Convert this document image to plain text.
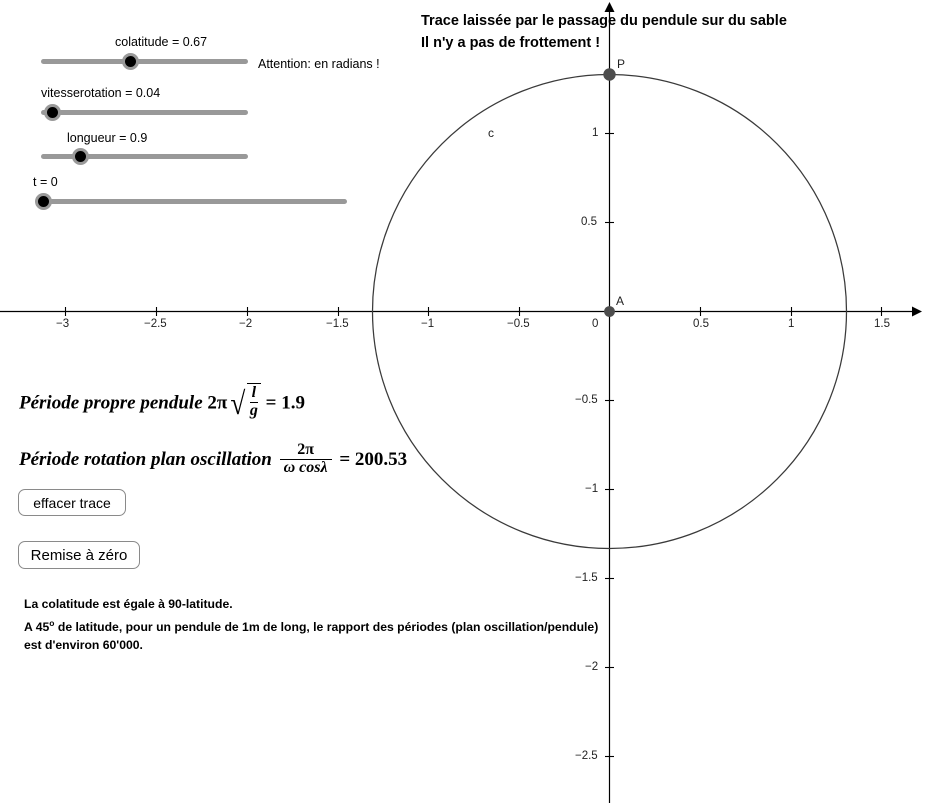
−3	−2.5	−2	−1.5	−1	−0.5	0	0.5	1	1.5
1
0.5
−0.5
−1
−1.5
−2
−2.5
P
A
c
Trace laissée par le passage du pendule sur du sable
Il n'y a pas de frottement !
colatitude = 0.67
vitesserotation = 0.04
longueur = 0.9
t = 0
Attention: en radians !
Période propre pendule 2π √ $\frac{l}{g} = 1.9$
Période rotation plan oscillation $\frac{2\pi}{\text{ω cosλ}} = 200.53$
effacer trace
Remise à zéro
La colatitude est égale à 90-latitude.
A 45$^o$ de latitude, pour un pendule de 1m de long, le rapport des périodes (plan oscillation/pendule)
est d'environ 60'000.
